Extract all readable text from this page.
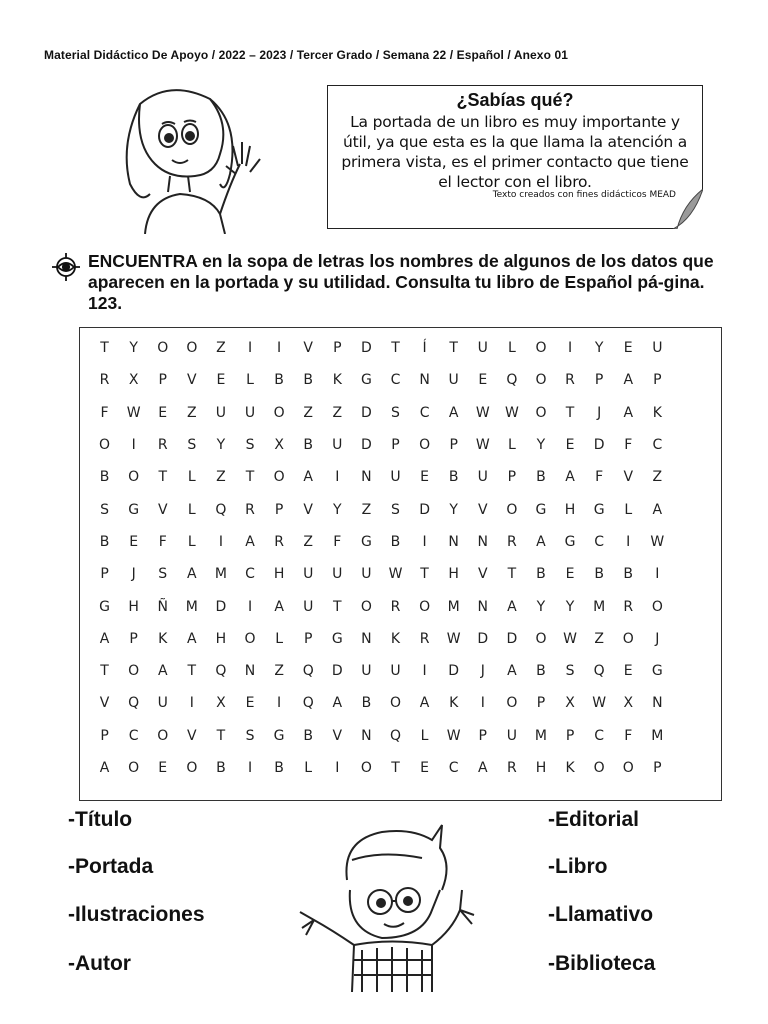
Material Didáctico De Apoyo / 2022 – 2023 / Tercer Grado / Semana 22 / Español / Anexo 01
¿Sabías qué?
La portada de un libro es muy importante y útil, ya que esta es la que llama la atención a primera vista, es el primer contacto que tiene el lector con el libro.
Texto creados con fines didácticos MEAD
ENCUENTRA en la sopa de letras los nombres de algunos de los datos que aparecen en la portada y su utilidad. Consulta tu libro de Español pá-gina. 123.
T	Y	O	O	Z	I	I	V	P	D	T	Í	T	U	L	O	I	Y	E	U
R	X	P	V	E	L	B	B	K	G	C	N	U	E	Q	O	R	P	A	P
F	W	E	Z	U	U	O	Z	Z	D	S	C	A	W	W	O	T	J	A	K
O	I	R	S	Y	S	X	B	U	D	P	O	P	W	L	Y	E	D	F	C
B	O	T	L	Z	T	O	A	I	N	U	E	B	U	P	B	A	F	V	Z
S	G	V	L	Q	R	P	V	Y	Z	S	D	Y	V	O	G	H	G	L	A
B	E	F	L	I	A	R	Z	F	G	B	I	N	N	R	A	G	C	I	W
P	J	S	A	M	C	H	U	U	U	W	T	H	V	T	B	E	B	B	I
G	H	Ñ	M	D	I	A	U	T	O	R	O	M	N	A	Y	Y	M	R	O
A	P	K	A	H	O	L	P	G	N	K	R	W	D	D	O	W	Z	O	J
T	O	A	T	Q	N	Z	Q	D	U	U	I	D	J	A	B	S	Q	E	G
V	Q	U	I	X	E	I	Q	A	B	O	A	K	I	O	P	X	W	X	N
P	C	O	V	T	S	G	B	V	N	Q	L	W	P	U	M	P	C	F	M
A	O	E	O	B	I	B	L	I	O	T	E	C	A	R	H	K	O	O	P
-Título
-Portada
-Ilustraciones
-Autor
-Editorial
-Libro
-Llamativo
-Biblioteca
